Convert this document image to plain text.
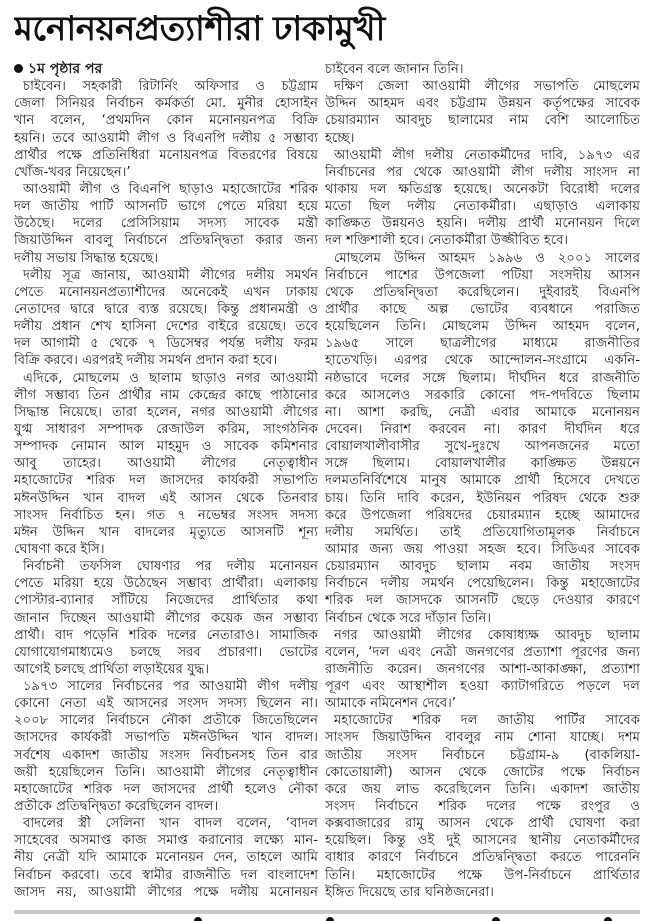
মনোনয়নপ্রত্যাশীরা ঢাকামুখী
১ম পৃষ্ঠার পর
চাইবেন। সহকারী রিটার্নিং অফিসার ও চট্টগ্রাম
জেলা সিনিয়র নির্বাচন কর্মকর্তা মো. মুনীর হোসাইন
খান বলেন, ‘প্রথমদিন কোন মনোনয়নপত্র বিক্রি
হয়নি। তবে আওয়ামী লীগ ও বিএনপি দলীয় ৫ সম্ভাব্য
প্রার্থীর পক্ষে প্রতিনিধিরা মনোয়নপত্র বিতরণের বিষয়ে
খোঁজ-খবর নিয়েছেন।’
আওয়ামী লীগ ও বিএনপি ছাড়াও মহাজোটের শরিক
দল জাতীয় পার্টি আসনটি ভাগে পেতে মরিয়া হয়ে
উঠেছে। দলের প্রেসিসিয়াম সদস্য সাবেক মন্ত্রী
জিয়াউদ্দিন বাবলু নির্বাচনে প্রতিদ্বন্দ্বিতা করার জন্য
দলীয় সভায় সিদ্ধান্ত হয়েছে।
দলীয় সূত্র জানায়, আওয়ামী লীগের দলীয় সমর্থন
পেতে মনোনয়নপ্রত্যাশীদের অনেকেই এখন ঢাকায়
নেতাদের দ্বারে দ্বারে ব্যস্ত রয়েছে। কিন্তু প্রধানমন্ত্রী ও
দলীয় প্রধান শেখ হাসিনা দেশের বাইরে রয়েছে। তবে
দল আগামী ৫ থেকে ৭ ডিসেম্বর পর্যন্ত দলীয় ফরম
বিক্রি করবে। এরপরই দলীয় সমর্থন প্রদান করা হবে।
এদিকে, মোছলেম ও ছালাম ছাড়াও নগর আওয়ামী
লীগ সম্ভাব্য তিন প্রার্থীর নাম কেন্দ্রের কাছে পাঠানোর
সিদ্ধান্ত নিয়েছে। তারা হলেন, নগর আওয়ামী লীগের
যুগ্ম সাধারণ সম্পাদক রেজাউল করিম, সাংগঠনিক
সম্পাদক নোমান আল মাহমুদ ও সাবেক কমিশনার
আবু তাহের। আওয়ামী লীগের নেতৃত্বাধীন
মহাজোটের শরিক দল জাসদের কার্যকরী সভাপতি
মঈনউদ্দিন খান বাদল এই আসন থেকে তিনবার
সাংসদ নির্বাচিত হন। গত ৭ নভেম্বর সংসদ সদস্য
মঈন উদ্দিন খান বাদলের মৃত্যুতে আসনটি শূন্য
ঘোষণা করে ইসি।
নির্বাচনী তফসিল ঘোষণার পর দলীয় মনোনয়ন
পেতে মরিয়া হয়ে উঠেছেন সম্ভাব্য প্রার্থীরা। এলাকায়
পোস্টার-ব্যানার সাঁটিয়ে নিজেদের প্রার্থিতার কথা
জানান দিচ্ছেন আওয়ামী লীগের কয়েক জন সম্ভাব্য
প্রার্থী। বাদ পড়েনি শরিক দলের নেতারাও। সামাজিক
যোগাযোগমাধ্যমেও চলছে সরব প্রচারণা। ভোটের
আগেই চলছে প্রার্থিতা লড়াইয়ের যুদ্ধ।
১৯৭৩ সালের নির্বাচনের পর আওয়ামী লীগ দলীয়
কোনো নেতা এই আসনের সংসদ সদস্য ছিলেন না।
২০০৮ সালের নির্বাচনে নৌকা প্রতীকে জিতেছিলেন
জাসদের কার্যকরী সভাপতি মঈনউদ্দিন খান বাদল।
সর্বশেষ একাদশ জাতীয় সংসদ নির্বাচনসহ তিন বার
জয়ী হয়েছিলেন তিনি। আওয়ামী লীগের নেতৃত্বাধীন
মহাজোটের শরিক দল জাসদের প্রার্থী হলেও নৌকা
প্রতীকে প্রতিদ্বন্দ্বিতা করেছিলেন বাদল।
বাদলের স্ত্রী সেলিনা খান বাদল বলেন, ‘বাদল
সাহেবের অসমাপ্ত কাজ সমাপ্ত করানোর লক্ষ্যে মান-
নীয় নেত্রী যদি আমাকে মনোনয়ন দেন, তাহলে আমি
নির্বাচন করবো। তবে স্বামীর রাজনীতি দল বাংলাদেশ
জাসদ নয়, আওয়ামী লীগের পক্ষে দলীয় মনোনয়ন
চাইবেন বলে জানান তিনি।
দক্ষিণ জেলা আওয়ামী লীগের সভাপতি মোছলেম
উদ্দিন আহমদ এবং চট্টগ্রাম উন্নয়ন কর্তৃপক্ষের সাবেক
চেয়ারম্যান আবদুচ ছালামের নাম বেশি আলোচিত
হচ্ছে।
আওয়ামী লীগ দলীয় নেতাকর্মীদের দাবি, ১৯৭৩ এর
নির্বাচনের পর থেকে আওয়ামী লীগ দলীয় সাংসদ না
থাকায় দল ক্ষতিগ্রস্ত হয়েছে। অনেকটা বিরোধী দলের
মতো ছিল দলীয় নেতাকর্মীরা। এছাড়াও এলাকায়
কাঙ্ক্ষিত উন্নয়নও হয়নি। দলীয় প্রার্থী মনোনয়ন দিলে
দল শক্তিশালী হবে। নেতাকর্মীরা উজ্জীবিত হবে।
মোছলেম উদ্দিন আহমদ ১৯৯৬ ও ২০০১ সালের
নির্বাচনে পাশের উপজেলা পটিয়া সংসদীয় আসন
থেকে প্রতিদ্বন্দ্বিতা করেছিলেন। দুইবারই বিএনপি
প্রার্থীর কাছে অল্প ভোটের ব্যবধানে পরাজিত
হয়েছিলেন তিনি। মোছলেম উদ্দিন আহমদ বলেন,
১৯৬৫ সালে ছাত্রলীগের মাধ্যমে রাজনীতির
হাতেখড়ি। এরপর থেকে আন্দোলন-সংগ্রামে একনি-
নষ্ঠভাবে দলের সঙ্গে ছিলাম। দীর্ঘদিন ধরে রাজনীতি
করে আসলেও সরকারি কোনো পদ-পদবিতে ছিলাম
না। আশা করছি, নেত্রী এবার আমাকে মনোনয়ন
দেবেন। নিরাশ করবেন না। কারণ দীর্ঘদিন ধরে
বোয়ালখালীবাসীর সুখে-দুঃখে আপনজনের মতো
সঙ্গে ছিলাম। বোয়ালখালীর কাঙ্ক্ষিত উন্নয়নে
দলমতনির্বিশেষে মানুষ আমাকে প্রার্থী হিসেবে দেখতে
চায়। তিনি দাবি করেন, ইউনিয়ন পরিষদ থেকে শুরু
করে উপজেলা পরিষদের চেয়ারম্যান হচ্ছে আমাদের
দলীয় সমর্থিত। তাই প্রতিযোগিতামূলক নির্বাচনে
আমার জন্য জয় পাওয়া সহজ হবে। সিডিএর সাবেক
চেয়ারম্যান আবদুচ ছালাম নবম জাতীয় সংসদ
নির্বাচনে দলীয় সমর্থন পেয়েছিলেন। কিন্তু মহাজোটের
শরিক দল জাসদকে আসনটি ছেড়ে দেওয়ার কারণে
নির্বাচন থেকে সরে দাঁড়ান তিনি।
নগর আওয়ামী লীগের কোষাধ্যক্ষ আবদুচ ছালাম
বলেন, ‘দল এবং নেত্রী জনগণের প্রত্যাশা পূরণের জন্য
রাজনীতি করেন। জনগণের আশা-আকাঙ্ক্ষা, প্রত্যাশা
পূরণ এবং আস্থাশীল হওয়া ক্যাটাগরিতে পড়লে দল
আমাকে নমিনেশন দেবে।’
মহাজোটের শরিক দল জাতীয় পার্টির সাবেক
সাংসদ জিয়াউদ্দিন বাবলুর নাম শোনা যাচ্ছে। দশম
জাতীয় সংসদ নির্বাচনে চট্টগ্রাম-৯ (বাকলিয়া-
কোতোয়ালী) আসন থেকে জোটের পক্ষে নির্বাচন
করে জয় লাভ করেছিলেন তিনি। একাদশ জাতীয়
সংসদ নির্বাচনে শরিক দলের পক্ষে রংপুর ও
কক্সবাজারের রামু আসন থেকে প্রার্থী ঘোষণা করা
হয়েছিল। কিন্তু ওই দুই আসনের স্থানীয় নেতাকর্মীদের
বাধার কারণে নির্বাচনে প্রতিদ্বন্দ্বিতা করতে পারেননি
তিনি। মহাজোটের পক্ষে উপ-নির্বাচনে প্রার্থিতার
ইঙ্গিত দিয়েছে তার ঘনিষ্ঠজনেরা।
